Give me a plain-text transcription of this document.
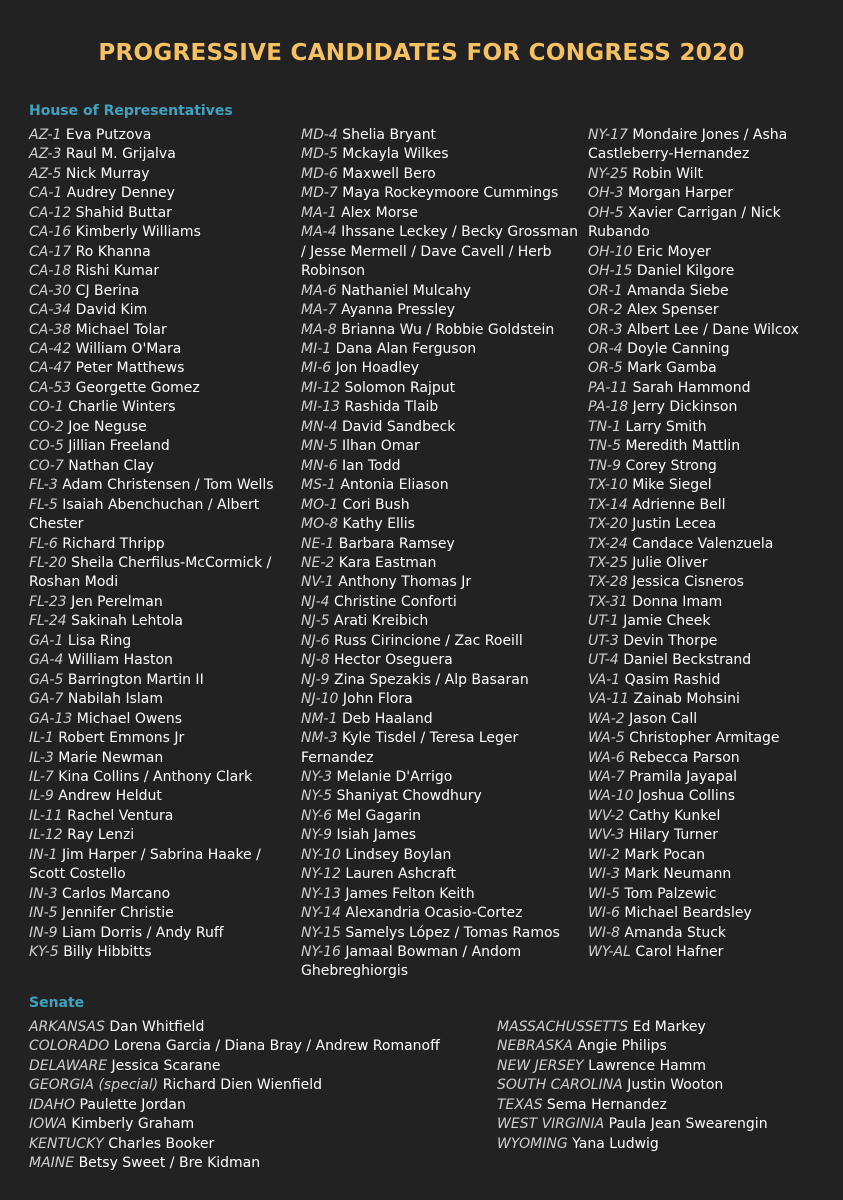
PROGRESSIVE CANDIDATES FOR CONGRESS 2020
House of Representatives
AZ-1 Eva Putzova
AZ-3 Raul M. Grijalva
AZ-5 Nick Murray
CA-1 Audrey Denney
CA-12 Shahid Buttar
CA-16 Kimberly Williams
CA-17 Ro Khanna
CA-18 Rishi Kumar
CA-30 CJ Berina
CA-34 David Kim
CA-38 Michael Tolar
CA-42 William O'Mara
CA-47 Peter Matthews
CA-53 Georgette Gomez
CO-1 Charlie Winters
CO-2 Joe Neguse
CO-5 Jillian Freeland
CO-7 Nathan Clay
FL-3 Adam Christensen / Tom Wells
FL-5 Isaiah Abenchuchan / Albert Chester
FL-6 Richard Thripp
FL-20 Sheila Cherfilus-McCormick / Roshan Modi
FL-23 Jen Perelman
FL-24 Sakinah Lehtola
GA-1 Lisa Ring
GA-4 William Haston
GA-5 Barrington Martin II
GA-7 Nabilah Islam
GA-13 Michael Owens
IL-1 Robert Emmons Jr
IL-3 Marie Newman
IL-7 Kina Collins / Anthony Clark
IL-9 Andrew Heldut
IL-11 Rachel Ventura
IL-12 Ray Lenzi
IN-1 Jim Harper / Sabrina Haake / Scott Costello
IN-3 Carlos Marcano
IN-5 Jennifer Christie
IN-9 Liam Dorris / Andy Ruff
KY-5 Billy Hibbitts
MD-4 Shelia Bryant
MD-5 Mckayla Wilkes
MD-6 Maxwell Bero
MD-7 Maya Rockeymoore Cummings
MA-1 Alex Morse
MA-4 Ihssane Leckey / Becky Grossman / Jesse Mermell / Dave Cavell / Herb Robinson
MA-6 Nathaniel Mulcahy
MA-7 Ayanna Pressley
MA-8 Brianna Wu / Robbie Goldstein
MI-1 Dana Alan Ferguson
MI-6 Jon Hoadley
MI-12 Solomon Rajput
MI-13 Rashida Tlaib
MN-4 David Sandbeck
MN-5 Ilhan Omar
MN-6 Ian Todd
MS-1 Antonia Eliason
MO-1 Cori Bush
MO-8 Kathy Ellis
NE-1 Barbara Ramsey
NE-2 Kara Eastman
NV-1 Anthony Thomas Jr
NJ-4 Christine Conforti
NJ-5 Arati Kreibich
NJ-6 Russ Cirincione / Zac Roeill
NJ-8 Hector Oseguera
NJ-9 Zina Spezakis / Alp Basaran
NJ-10 John Flora
NM-1 Deb Haaland
NM-3 Kyle Tisdel / Teresa Leger Fernandez
NY-3 Melanie D'Arrigo
NY-5 Shaniyat Chowdhury
NY-6 Mel Gagarin
NY-9 Isiah James
NY-10 Lindsey Boylan
NY-12 Lauren Ashcraft
NY-13 James Felton Keith
NY-14 Alexandria Ocasio-Cortez
NY-15 Samelys López / Tomas Ramos
NY-16 Jamaal Bowman / Andom Ghebreghiorgis
NY-17 Mondaire Jones / Asha Castleberry-Hernandez
NY-25 Robin Wilt
OH-3 Morgan Harper
OH-5 Xavier Carrigan / Nick Rubando
OH-10 Eric Moyer
OH-15 Daniel Kilgore
OR-1 Amanda Siebe
OR-2 Alex Spenser
OR-3 Albert Lee / Dane Wilcox
OR-4 Doyle Canning
OR-5 Mark Gamba
PA-11 Sarah Hammond
PA-18 Jerry Dickinson
TN-1 Larry Smith
TN-5 Meredith Mattlin
TN-9 Corey Strong
TX-10 Mike Siegel
TX-14 Adrienne Bell
TX-20 Justin Lecea
TX-24 Candace Valenzuela
TX-25 Julie Oliver
TX-28 Jessica Cisneros
TX-31 Donna Imam
UT-1 Jamie Cheek
UT-3 Devin Thorpe
UT-4 Daniel Beckstrand
VA-1 Qasim Rashid
VA-11 Zainab Mohsini
WA-2 Jason Call
WA-5 Christopher Armitage
WA-6 Rebecca Parson
WA-7 Pramila Jayapal
WA-10 Joshua Collins
WV-2 Cathy Kunkel
WV-3 Hilary Turner
WI-2 Mark Pocan
WI-3 Mark Neumann
WI-5 Tom Palzewic
WI-6 Michael Beardsley
WI-8 Amanda Stuck
WY-AL Carol Hafner
Senate
ARKANSAS Dan Whitfield
COLORADO Lorena Garcia / Diana Bray / Andrew Romanoff
DELAWARE Jessica Scarane
GEORGIA (special) Richard Dien Wienfield
IDAHO Paulette Jordan
IOWA Kimberly Graham
KENTUCKY Charles Booker
MAINE Betsy Sweet / Bre Kidman
MASSACHUSSETTS Ed Markey
NEBRASKA Angie Philips
NEW JERSEY Lawrence Hamm
SOUTH CAROLINA Justin Wooton
TEXAS Sema Hernandez
WEST VIRGINIA Paula Jean Swearengin
WYOMING Yana Ludwig
